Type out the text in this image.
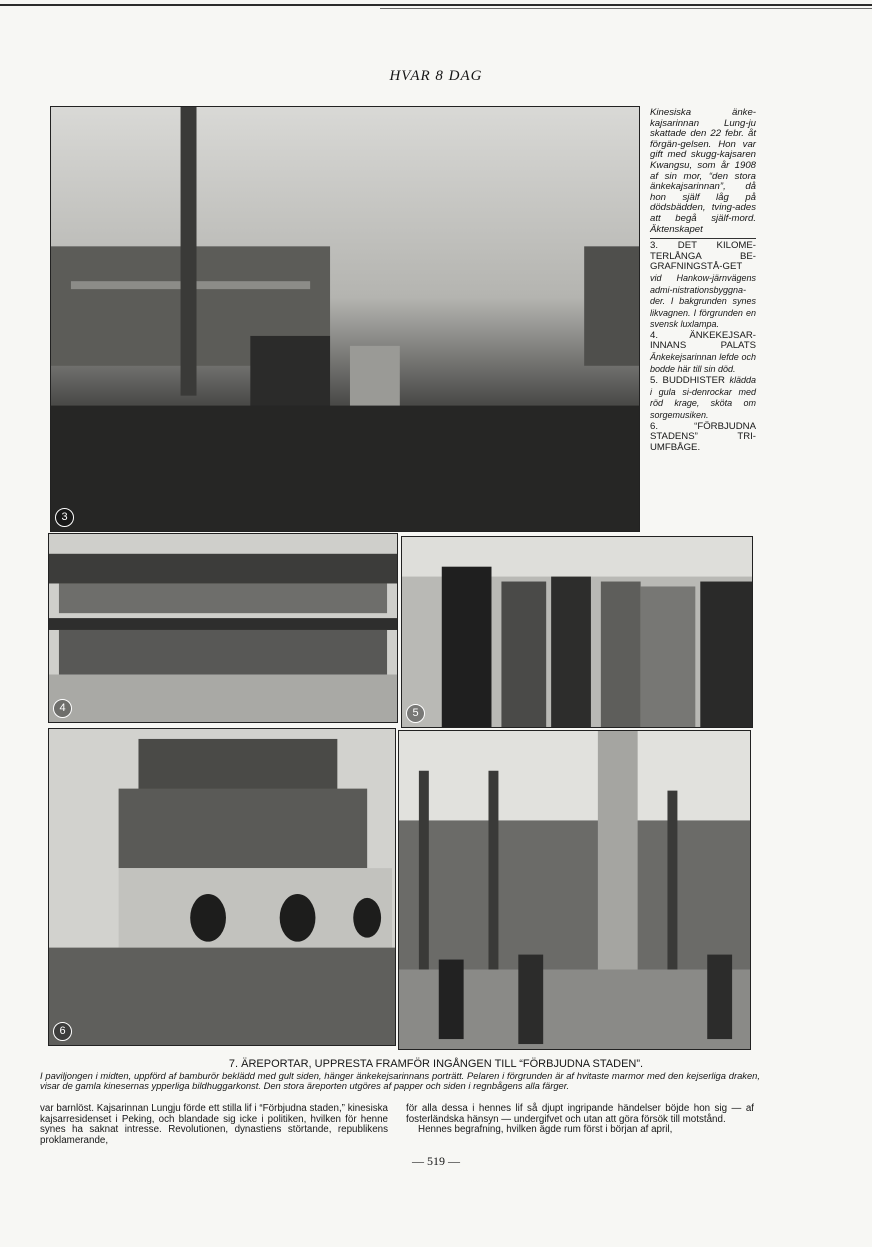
HVAR 8 DAG
3

Kinesiska änke-kajsarinnan Lung-ju skattade den 22 febr. åt förgän-gelsen. Hon var gift med skugg-kajsaren Kwangsu, som år 1908 af sin mor, “den stora änkekajsarinnan”, då hon själf låg på dödsbädden, tving-ades att begå själf-mord. Äktenskapet

3. DET KILOME-TERLÅNGA BE-GRAFNINGSTÅ-GET vid Hankow-järnvägens admi-nistrationsbyggna-der. I bakgrunden synes likvagnen. I förgrunden en svensk luxlampa.

4. ÄNKEKEJSAR-INNANS PALATS Änkekejsarinnan lefde och bodde här till sin död.

5. BUDDHISTER klädda i gula si-denrockar med röd krage, sköta om sorgemusiken.

6. “FÖRBJUDNA STADENS” TRI-UMFBÅGE.

4	5
6
7. ÄREPORTAR, UPPRESTA FRAMFÖR INGÅNGEN TILL “FÖRBJUDNA STADEN”.
I paviljongen i midten, uppförd af bamburör beklädd med gult siden, hänger änkekejsarinnans porträtt. Pelaren i förgrunden är af hvitaste marmor med den kejserliga draken, visar de gamla kinesernas ypperliga bildhuggarkonst. Den stora äreporten utgöres af papper och siden i regnbågens alla färger.
var barnlöst. Kajsarinnan Lungju förde ett stilla lif i “Förbjudna staden,” kinesiska kajsarresidenset i Peking, och blandade sig icke i politiken, hvilken för henne synes ha saknat intresse. Revolutionen, dynastiens störtande, republikens proklamerande,
för alla dessa i hennes lif så djupt ingripande händelser böjde hon sig — af fosterländska hänsyn — undergifvet och utan att göra försök till motstånd.
Hennes begrafning, hvilken ägde rum först i början af april,
— 519 —
